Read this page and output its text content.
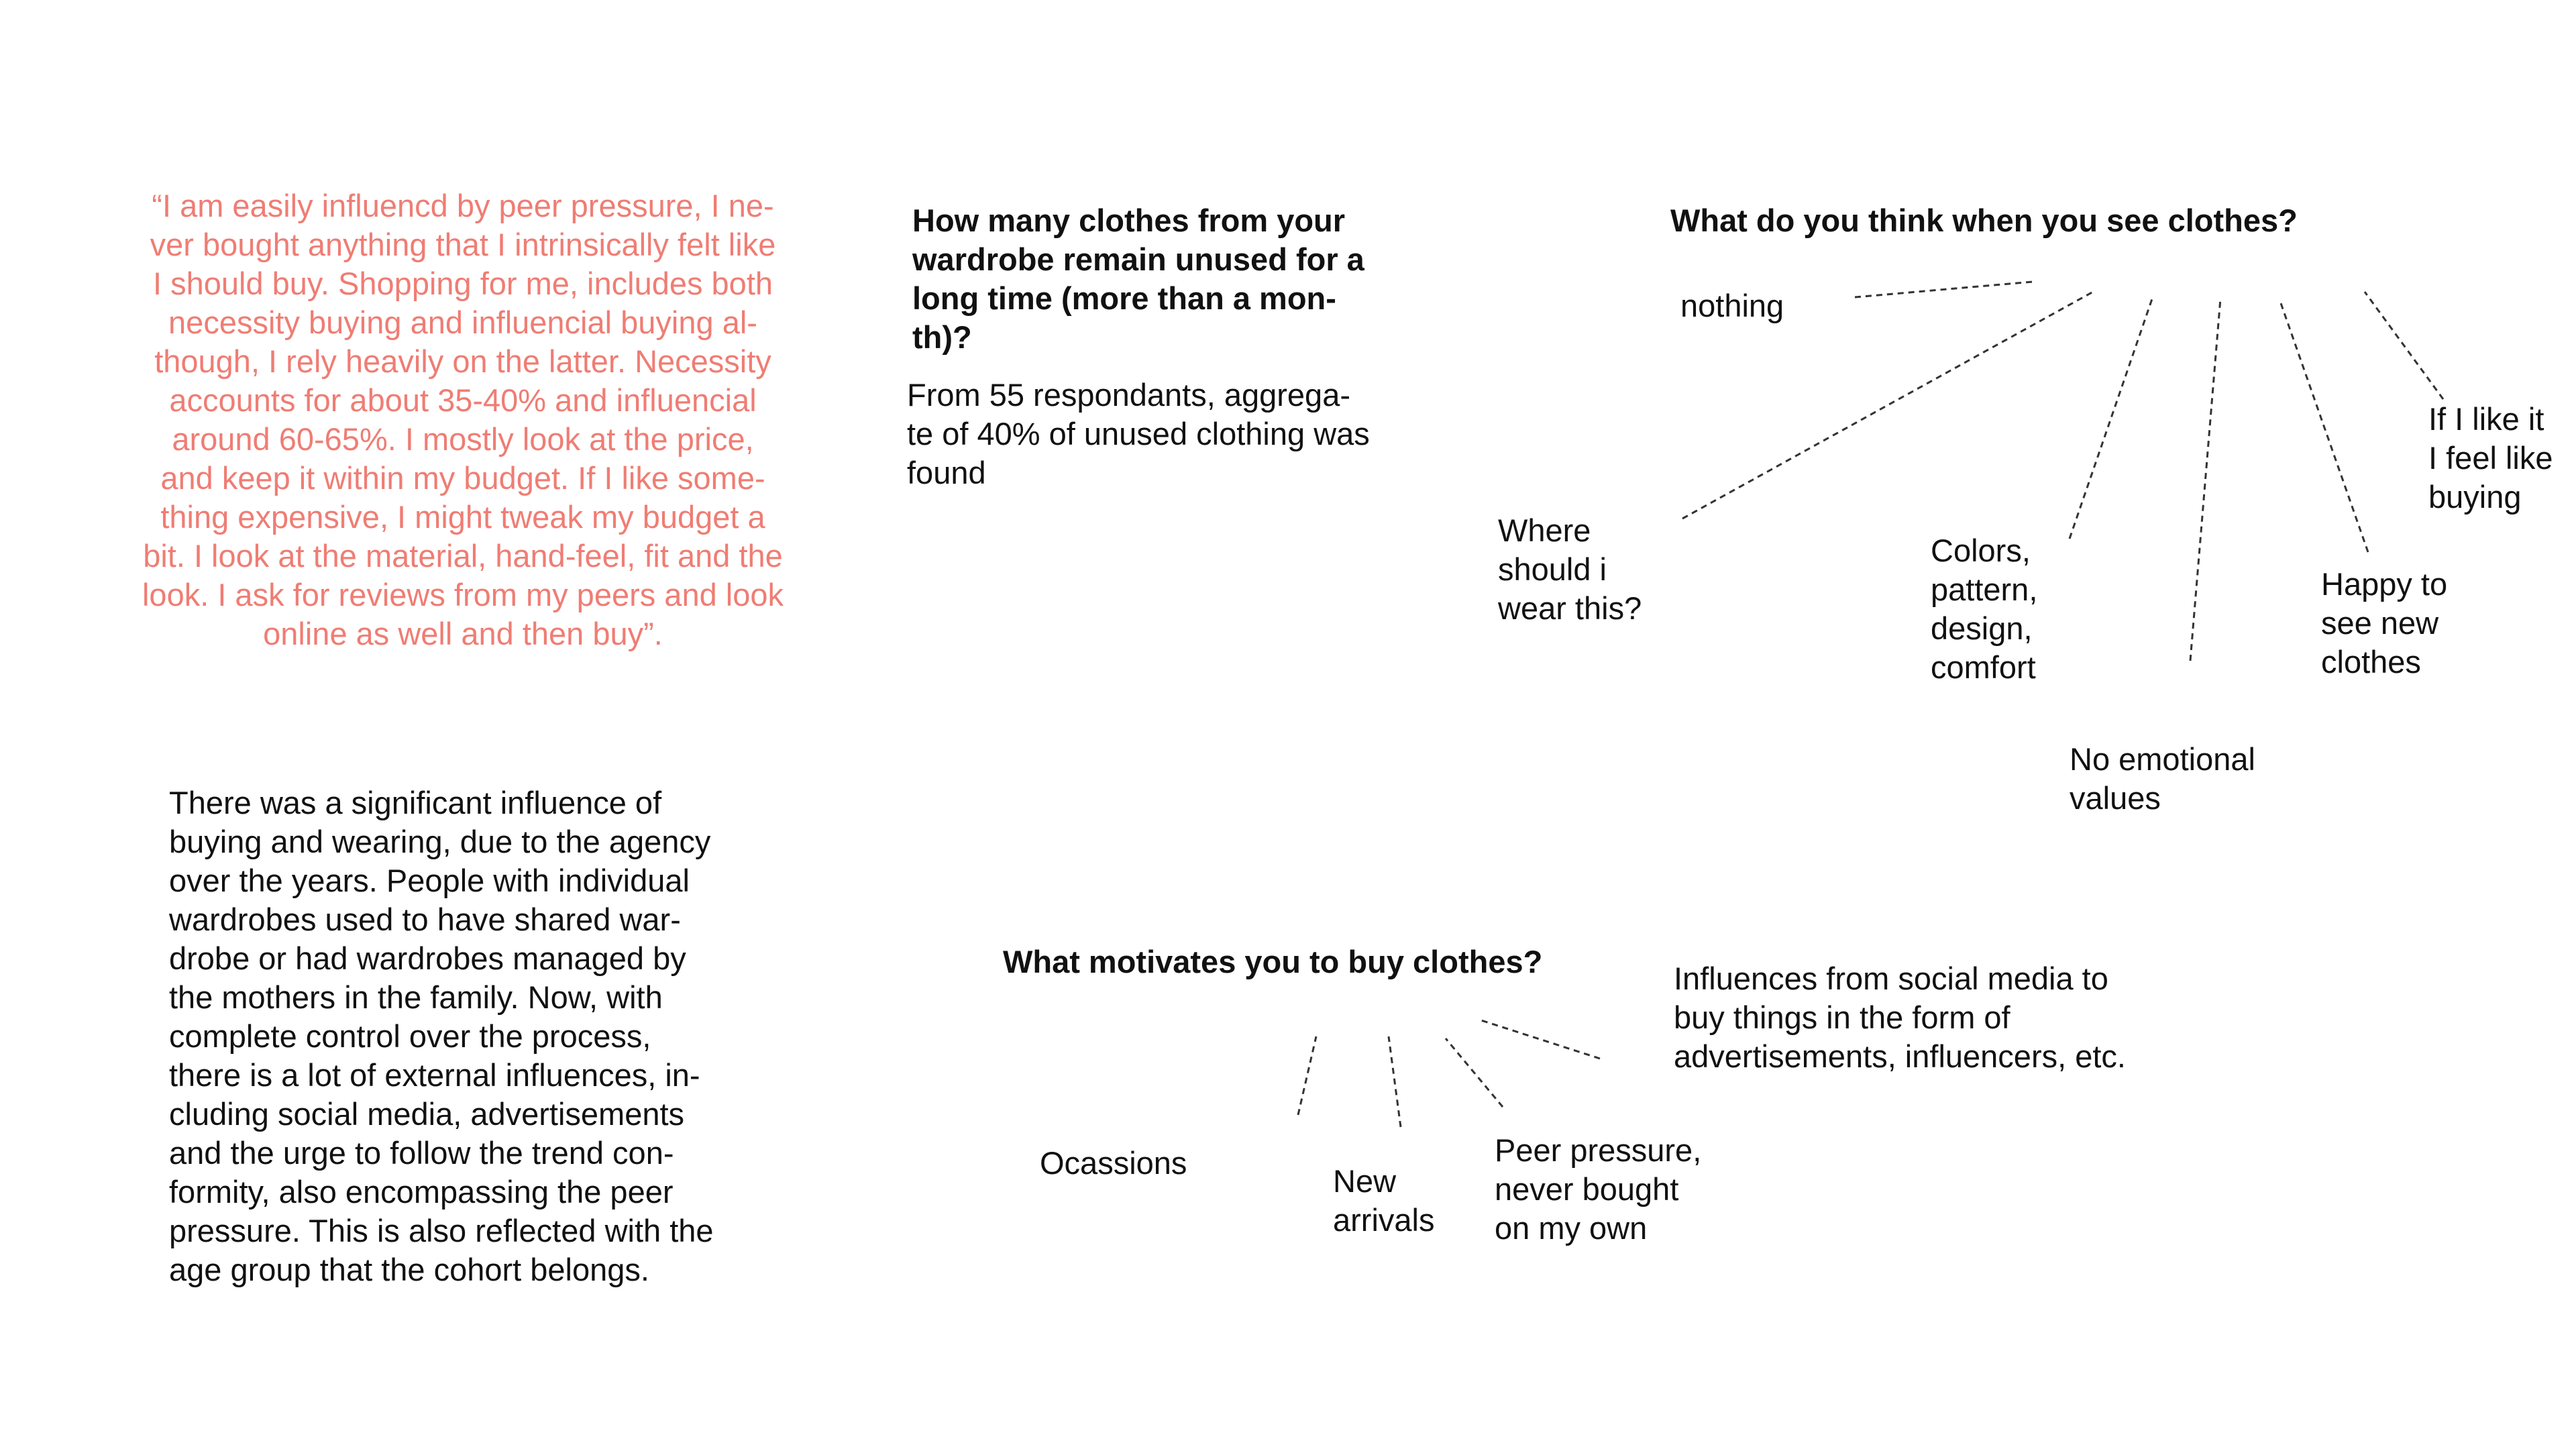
“I am easily influencd by peer pressure, I ne-
ver bought anything that I intrinsically felt like
I should buy. Shopping for me, includes both
necessity buying and influencial buying al-
though, I rely heavily on the latter. Necessity
accounts for about 35-40% and influencial
around 60-65%. I mostly look at the price,
and keep it within my budget. If I like some-
thing expensive, I might tweak my budget a
bit. I look at the material, hand-feel, fit and the
look. I ask for reviews from my peers and look
online as well and then buy”.
There was a significant influence of
buying and wearing, due to the agency
over the years. People with individual
wardrobes used to have shared war-
drobe or had wardrobes managed by
the mothers in the family. Now, with
complete control over the process,
there is a lot of external influences, in-
cluding social media, advertisements
and the urge to follow the trend con-
formity, also encompassing the peer
pressure. This is also reflected with the
age group that the cohort belongs.
How many clothes from your
wardrobe remain unused for a
long time (more than a mon-
th)?
From 55 respondants, aggrega-
te of 40% of unused clothing was
found
What do you think when you see clothes?
nothing
Where
should i
wear this?
Colors,
pattern,
design,
comfort
No emotional
values
Happy to
see new
clothes
If I like it
I feel like
buying
What motivates you to buy clothes?
Ocassions
New
arrivals
Peer pressure,
never bought
on my own
Influences from social media to
buy things in the form of
advertisements, influencers, etc.
